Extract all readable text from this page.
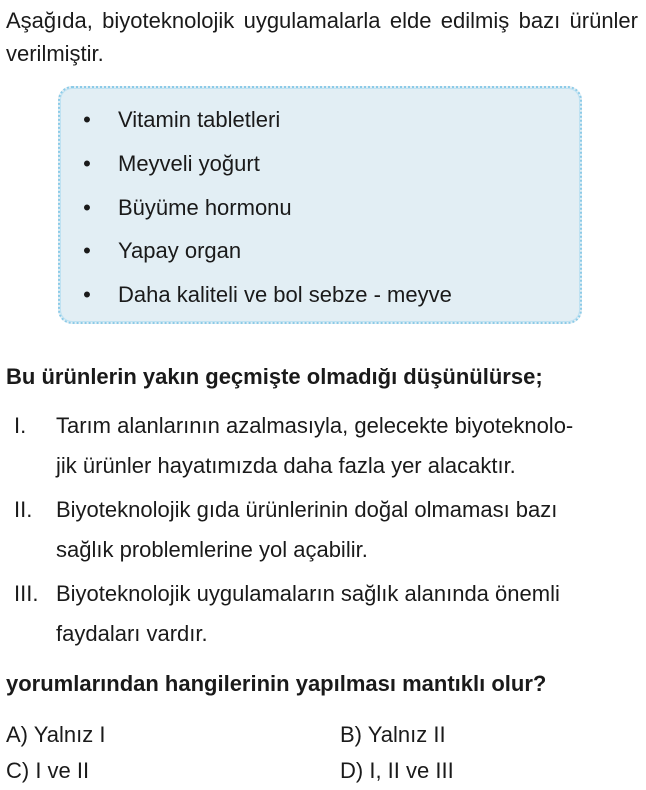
Aşağıda, biyoteknolojik uygulamalarla elde edilmiş bazı ürünler verilmiştir.
• Vitamin tabletleri
• Meyveli yoğurt
• Büyüme hormonu
• Yapay organ
• Daha kaliteli ve bol sebze - meyve
Bu ürünlerin yakın geçmişte olmadığı düşünülürse;
I. Tarım alanlarının azalmasıyla, gelecekte biyoteknolo-
jik ürünler hayatımızda daha fazla yer alacaktır.
II. Biyoteknolojik gıda ürünlerinin doğal olmaması bazı
sağlık problemlerine yol açabilir.
III. Biyoteknolojik uygulamaların sağlık alanında önemli
faydaları vardır.
yorumlarından hangilerinin yapılması mantıklı olur?
A) Yalnız I	B) Yalnız II
C) I ve II	D) I, II ve III
